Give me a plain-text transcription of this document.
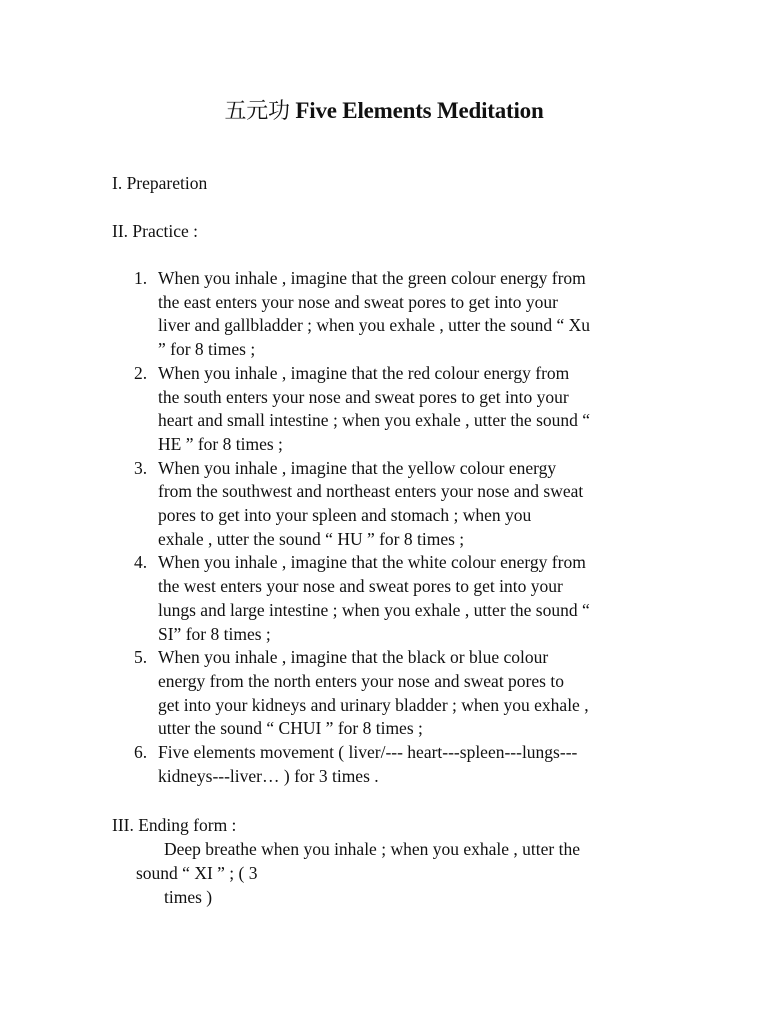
五元功 Five Elements Meditation
I. Preparetion
II. Practice :
1. When you inhale , imagine that the green colour energy from
the east enters your nose and sweat pores to get into your
liver and gallbladder ; when you exhale , utter the sound “ Xu
” for 8 times ;
2. When you inhale , imagine that the red colour energy from
the south enters your nose and sweat pores to get into your
heart and small intestine ; when you exhale , utter the sound “
HE ” for 8 times ;
3. When you inhale , imagine that the yellow colour energy
from the southwest and northeast enters your nose and sweat
pores to get into your spleen and stomach ; when you
exhale , utter the sound “ HU ” for 8 times ;
4. When you inhale , imagine that the white colour energy from
the west enters your nose and sweat pores to get into your
lungs and large intestine ; when you exhale , utter the sound “
SI” for 8 times ;
5. When you inhale , imagine that the black or blue colour
energy from the north enters your nose and sweat pores to
get into your kidneys and urinary bladder ; when you exhale ,
utter the sound “ CHUI ” for 8 times ;
6. Five elements movement ( liver/--- heart---spleen---lungs---
kidneys---liver… ) for 3 times .
III. Ending form :
Deep breathe when you inhale ; when you exhale , utter the
sound “ XI ” ; ( 3
times )
